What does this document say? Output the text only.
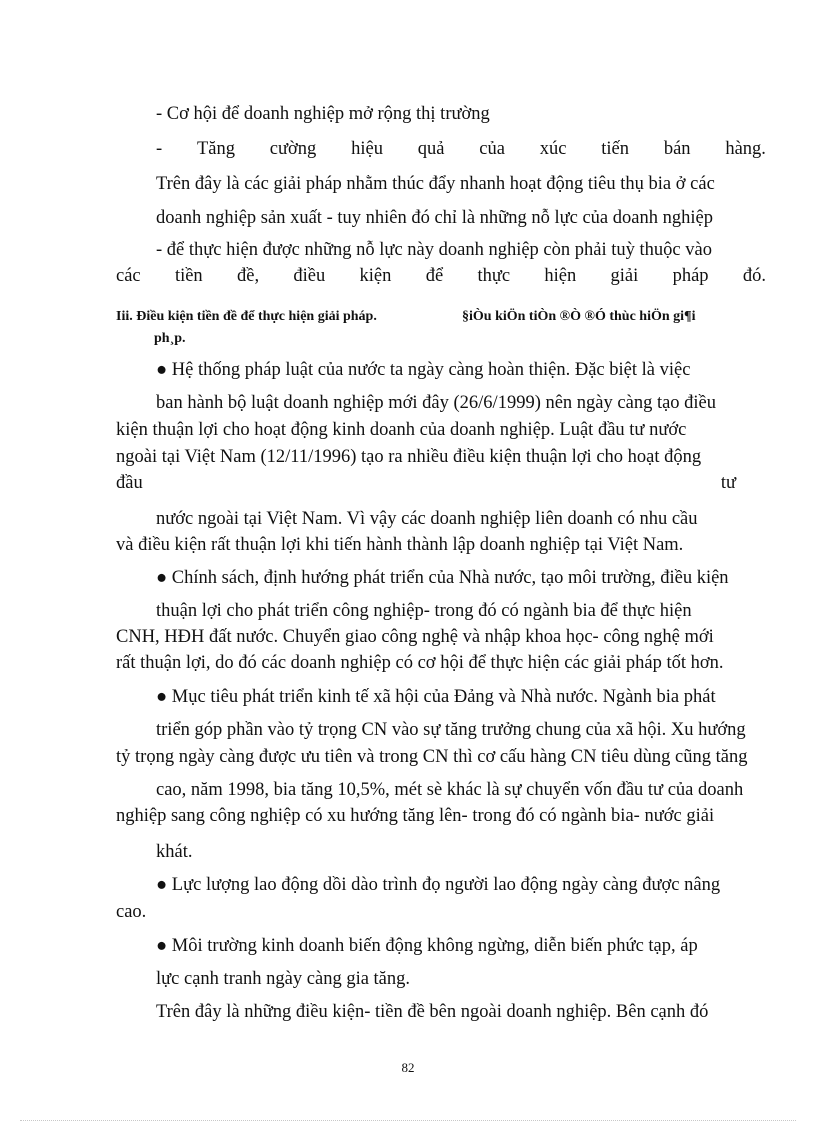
- Cơ hội để doanh nghiệp mở rộng thị trường
- Tăng cường hiệu quả của xúc tiến bán hàng.
Trên đây là các giải pháp nhằm thúc đẩy nhanh hoạt động tiêu thụ bia ở các
doanh nghiệp sản xuất - tuy nhiên đó chỉ là những nỗ lực của doanh nghiệp
- để thực hiện được những nỗ lực này doanh nghiệp còn phải tuỳ thuộc vào
các tiền đề, điều kiện để thực hiện giải pháp đó.
Iii. Điều kiện tiền đề để thực hiện giải pháp.	§iÒu kiÖn tiÒn ®Ò ®Ó thùc hiÖn gi¶i
ph¸p.
● Hệ thống pháp luật của nước ta ngày càng hoàn thiện. Đặc biệt là việc
ban hành bộ luật doanh nghiệp mới đây (26/6/1999) nên ngày càng tạo điều
kiện thuận lợi cho hoạt động kinh doanh của doanh nghiệp. Luật đầu tư nước
ngoài tại Việt Nam (12/11/1996) tạo ra nhiều điều kiện thuận lợi cho hoạt động
đầu	tư
nước ngoài tại Việt Nam. Vì vậy các doanh nghiệp liên doanh có nhu cầu
và điều kiện rất thuận lợi khi tiến hành thành lập doanh nghiệp tại Việt Nam.
● Chính sách, định hướng phát triển của Nhà nước, tạo môi trường, điều kiện
thuận lợi cho phát triển công nghiệp- trong đó có ngành bia để thực hiện
CNH, HĐH đất nước. Chuyển giao công nghệ và nhập khoa học- công nghệ mới
rất thuận lợi, do đó các doanh nghiệp có cơ hội để thực hiện các giải pháp tốt hơn.
● Mục tiêu phát triển kinh tế xã hội của Đảng và Nhà nước. Ngành bia phát
triển góp phần vào tỷ trọng CN vào sự tăng trưởng chung của xã hội. Xu hướng
tỷ trọng ngày càng được ưu tiên và trong CN thì cơ cấu hàng CN tiêu dùng cũng tăng
cao, năm 1998, bia tăng 10,5%, mét sè khác là sự chuyển vốn đầu tư của doanh
nghiệp sang công nghiệp có xu hướng tăng lên- trong đó có ngành bia- nước giải
khát.
● Lực lượng lao động dồi dào trình đọ người lao động ngày càng được nâng
cao.
● Môi trường kinh doanh biến động không ngừng, diễn biến phức tạp, áp
lực cạnh tranh ngày càng gia tăng.
Trên đây là những điều kiện- tiền đề bên ngoài doanh nghiệp. Bên cạnh đó
82
